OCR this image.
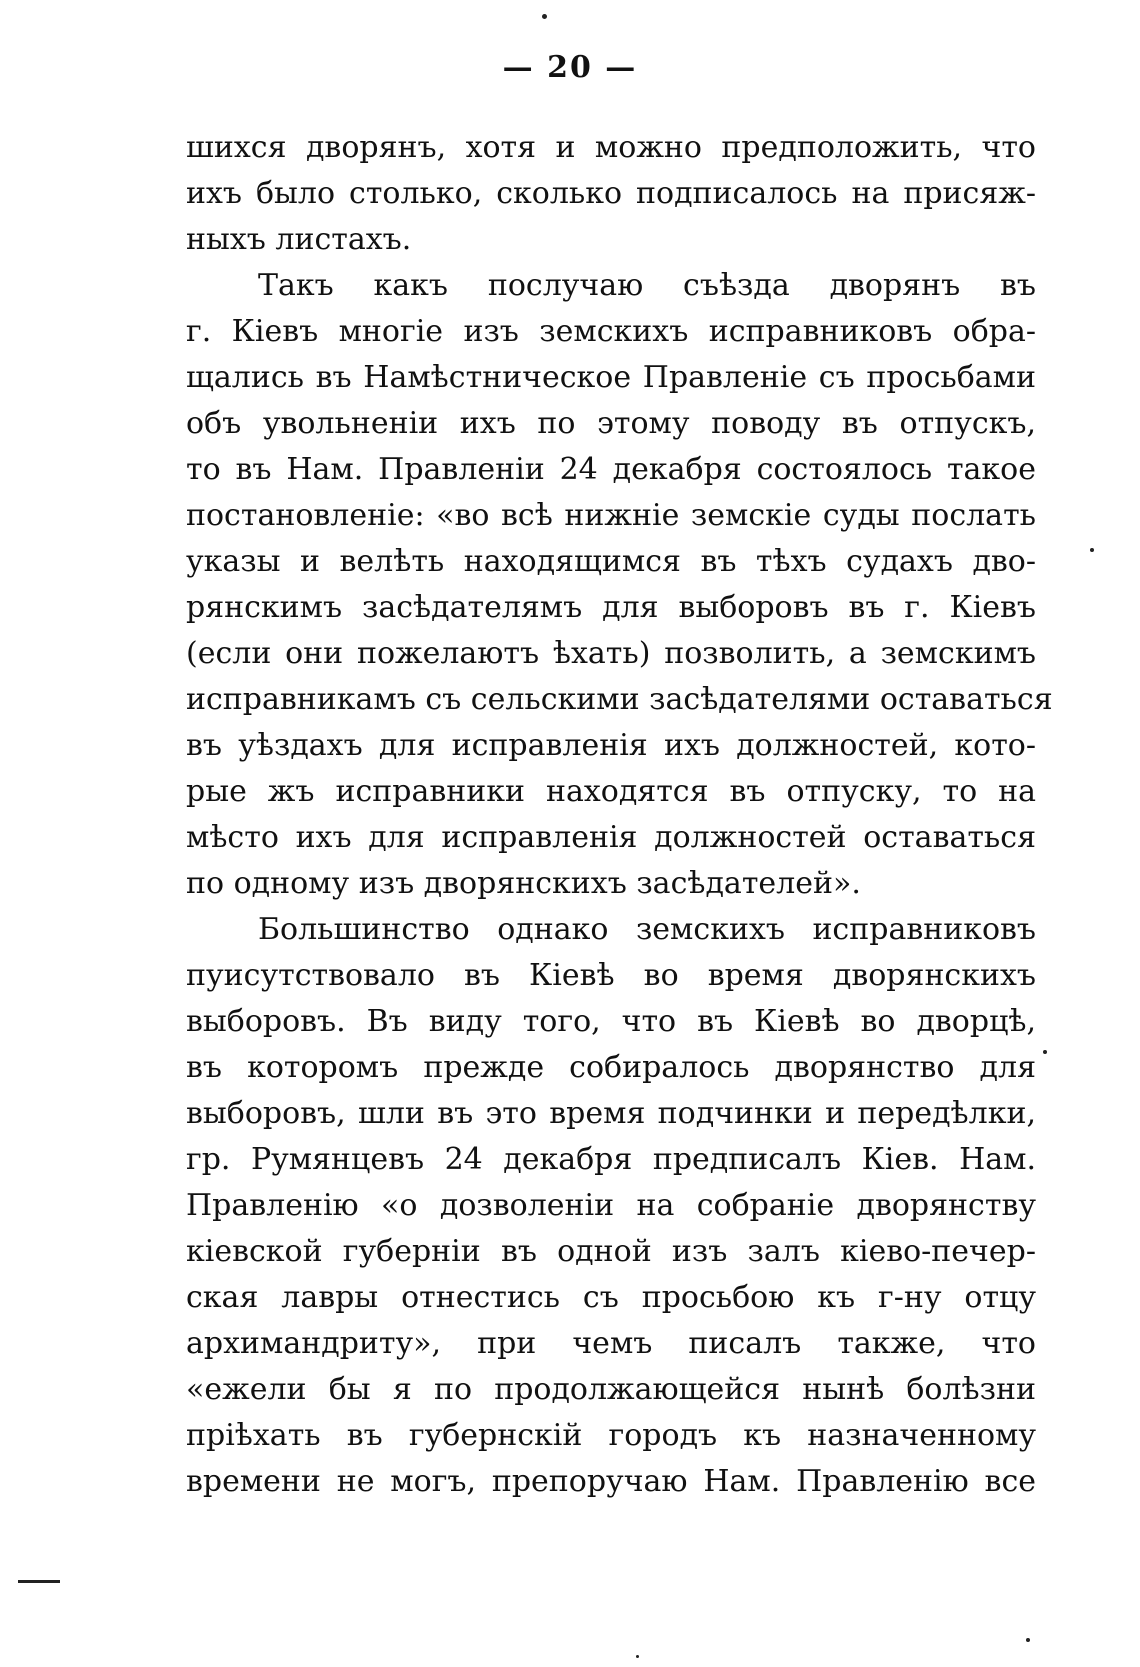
— 20 —
шихся дворянъ, хотя и можно предположить, что
ихъ было столько, сколько подписалось на присяж-
ныхъ листахъ.
Такъ какъ послучаю съѣзда дворянъ въ
г. Кіевъ многіе изъ земскихъ исправниковъ обра-
щались въ Намѣстническое Правленіе съ просьбами
объ увольненіи ихъ по этому поводу въ отпускъ,
то въ Нам. Правленіи 24 декабря состоялось такое
постановленіе: «во всѣ нижніе земскіе суды послать
указы и велѣть находящимся въ тѣхъ судахъ дво-
рянскимъ засѣдателямъ для выборовъ въ г. Кіевъ
(если они пожелаютъ ѣхать) позволить, а земскимъ
исправникамъ съ сельскими засѣдателями оставаться
въ уѣздахъ для исправленія ихъ должностей, кото-
рые жъ исправники находятся въ отпуску, то на
мѣсто ихъ для исправленія должностей оставаться
по одному изъ дворянскихъ засѣдателей».
Большинство однако земскихъ исправниковъ
пуисутствовало въ Кіевѣ во время дворянскихъ
выборовъ. Въ виду того, что въ Кіевѣ во дворцѣ,
въ которомъ прежде собиралось дворянство для
выборовъ, шли въ это время подчинки и передѣлки,
гр. Румянцевъ 24 декабря предписалъ Кіев. Нам.
Правленію «о дозволеніи на собраніе дворянству
кіевской губерніи въ одной изъ залъ кіево-печер-
ская лавры отнестись съ просьбою къ г-ну отцу
архимандриту», при чемъ писалъ также, что
«ежели бы я по продолжающейся нынѣ болѣзни
пріѣхать въ губернскій городъ къ назначенному
времени не могъ, препоручаю Нам. Правленію все
